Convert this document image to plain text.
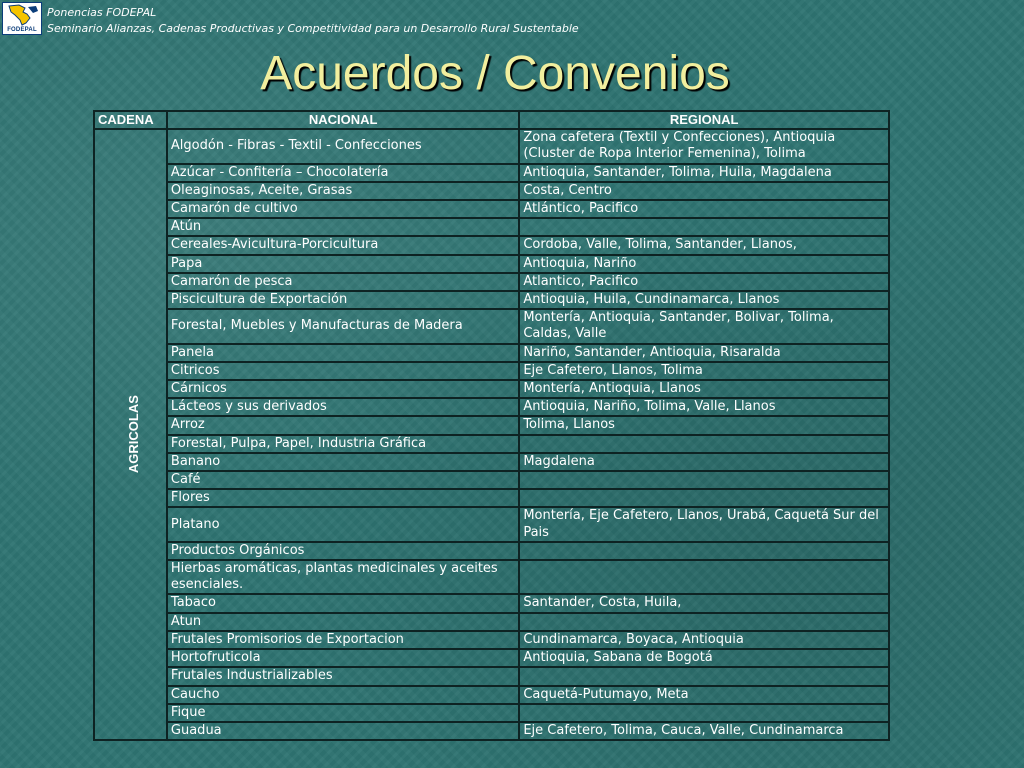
FODEPAL
Ponencias FODEPAL
Seminario Alianzas, Cadenas Productivas y Competitividad para un Desarrollo Rural Sustentable
Acuerdos / Convenios
CADENA	NACIONAL	REGIONAL
AGRICOLAS	Algodón - Fibras - Textil - Confecciones	Zona cafetera (Textil y Confecciones), Antioquia (Cluster de Ropa Interior Femenina), Tolima
	Azúcar - Confitería – Chocolatería	Antioquia, Santander, Tolima, Huila, Magdalena
	Oleaginosas, Aceite, Grasas	Costa, Centro
	Camarón de cultivo	Atlántico, Pacifico
	Atún	
	Cereales-Avicultura-Porcicultura	Cordoba, Valle, Tolima, Santander, Llanos,
	Papa	Antioquia, Nariño
	Camarón de pesca	Atlantico, Pacifico
	Piscicultura de Exportación	Antioquia, Huila, Cundinamarca, Llanos
	Forestal, Muebles y Manufacturas de Madera	Montería, Antioquia, Santander, Bolivar, Tolima, Caldas, Valle
	Panela	Nariño, Santander, Antioquia, Risaralda
	Citricos	Eje Cafetero, Llanos, Tolima
	Cárnicos	Montería, Antioquia, Llanos
	Lácteos y sus derivados	Antioquia, Nariño, Tolima, Valle, Llanos
	Arroz	Tolima, Llanos
	Forestal, Pulpa, Papel, Industria Gráfica	
	Banano	Magdalena
	Café	
	Flores	
	Platano	Montería, Eje Cafetero, Llanos, Urabá, Caquetá Sur del Pais
	Productos Orgánicos	
	Hierbas aromáticas, plantas medicinales y aceites esenciales.	
	Tabaco	Santander, Costa, Huila,
	Atun	
	Frutales Promisorios de Exportacion	Cundinamarca, Boyaca, Antioquia
	Hortofruticola	Antioquia, Sabana de Bogotá
	Frutales Industrializables	
	Caucho	Caquetá-Putumayo, Meta
	Fique	
	Guadua	Eje Cafetero, Tolima, Cauca, Valle, Cundinamarca
